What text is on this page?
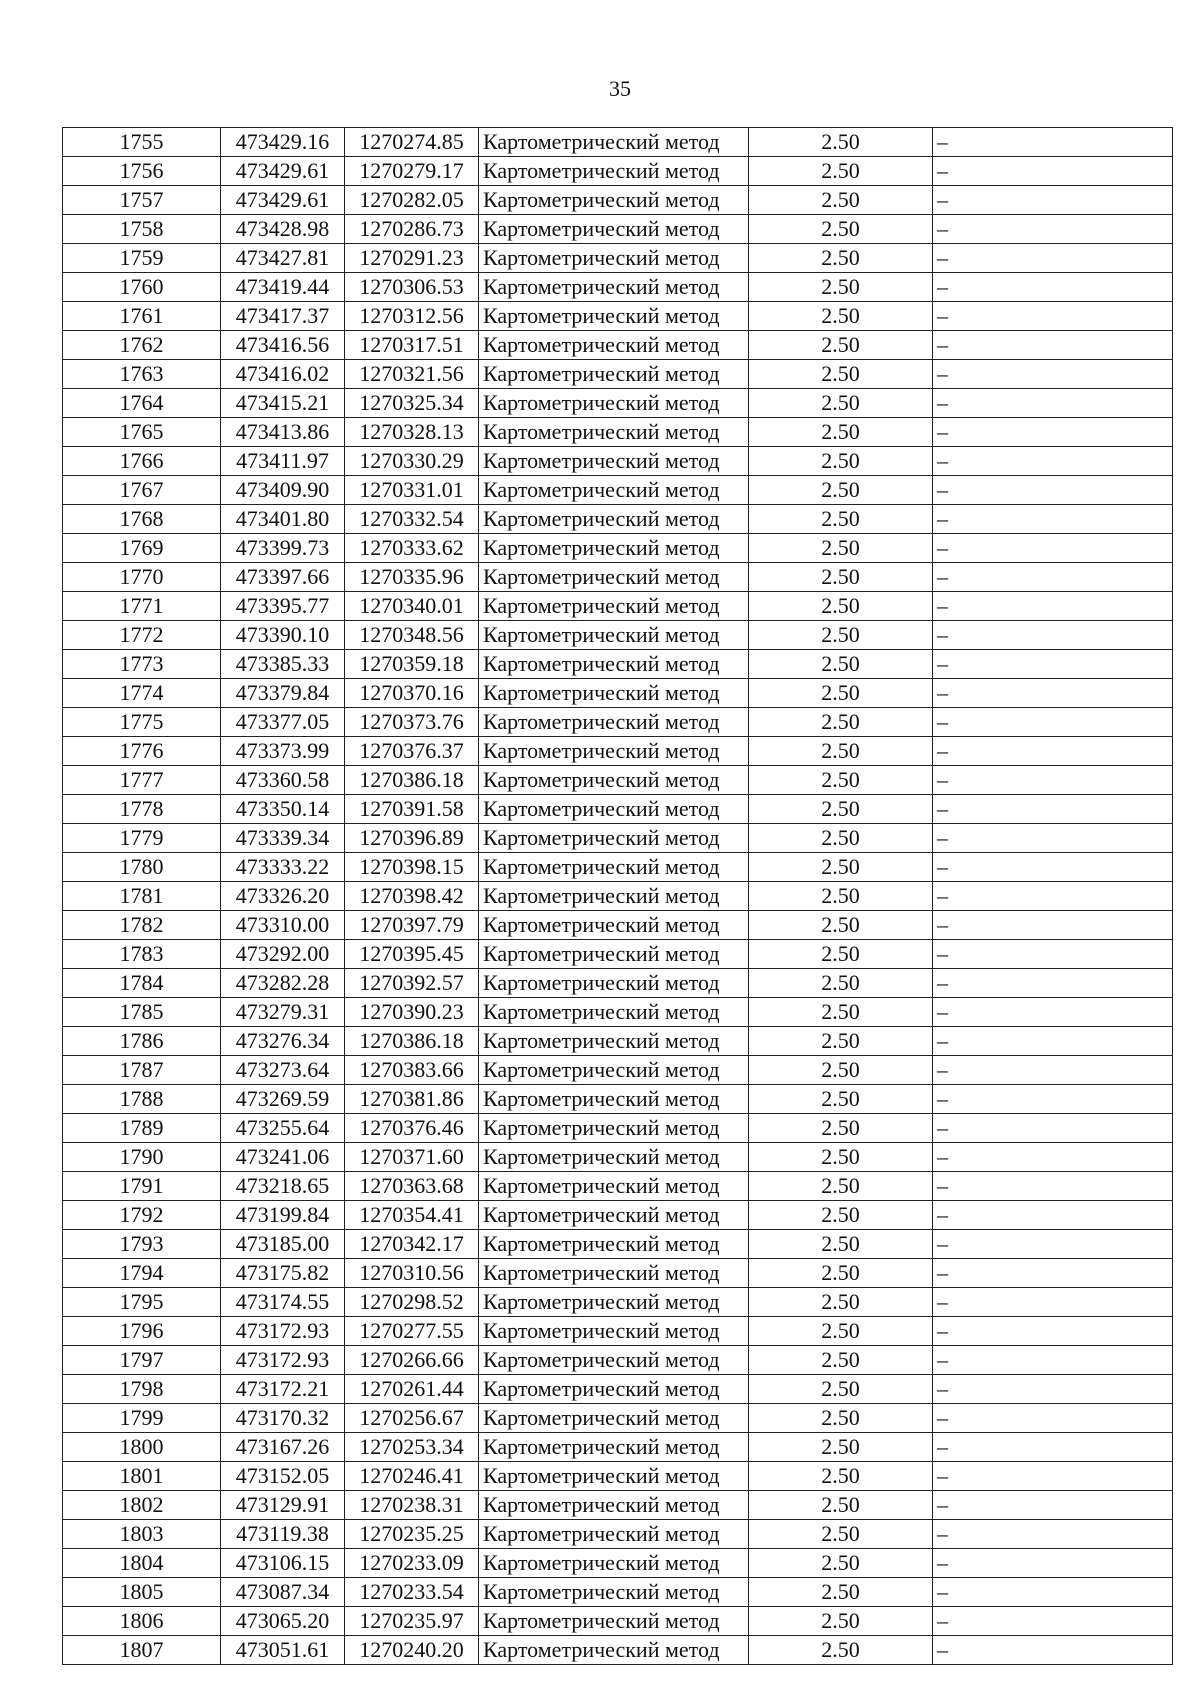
35
1755	473429.16	1270274.85	Картометрический метод	2.50	–
1756	473429.61	1270279.17	Картометрический метод	2.50	–
1757	473429.61	1270282.05	Картометрический метод	2.50	–
1758	473428.98	1270286.73	Картометрический метод	2.50	–
1759	473427.81	1270291.23	Картометрический метод	2.50	–
1760	473419.44	1270306.53	Картометрический метод	2.50	–
1761	473417.37	1270312.56	Картометрический метод	2.50	–
1762	473416.56	1270317.51	Картометрический метод	2.50	–
1763	473416.02	1270321.56	Картометрический метод	2.50	–
1764	473415.21	1270325.34	Картометрический метод	2.50	–
1765	473413.86	1270328.13	Картометрический метод	2.50	–
1766	473411.97	1270330.29	Картометрический метод	2.50	–
1767	473409.90	1270331.01	Картометрический метод	2.50	–
1768	473401.80	1270332.54	Картометрический метод	2.50	–
1769	473399.73	1270333.62	Картометрический метод	2.50	–
1770	473397.66	1270335.96	Картометрический метод	2.50	–
1771	473395.77	1270340.01	Картометрический метод	2.50	–
1772	473390.10	1270348.56	Картометрический метод	2.50	–
1773	473385.33	1270359.18	Картометрический метод	2.50	–
1774	473379.84	1270370.16	Картометрический метод	2.50	–
1775	473377.05	1270373.76	Картометрический метод	2.50	–
1776	473373.99	1270376.37	Картометрический метод	2.50	–
1777	473360.58	1270386.18	Картометрический метод	2.50	–
1778	473350.14	1270391.58	Картометрический метод	2.50	–
1779	473339.34	1270396.89	Картометрический метод	2.50	–
1780	473333.22	1270398.15	Картометрический метод	2.50	–
1781	473326.20	1270398.42	Картометрический метод	2.50	–
1782	473310.00	1270397.79	Картометрический метод	2.50	–
1783	473292.00	1270395.45	Картометрический метод	2.50	–
1784	473282.28	1270392.57	Картометрический метод	2.50	–
1785	473279.31	1270390.23	Картометрический метод	2.50	–
1786	473276.34	1270386.18	Картометрический метод	2.50	–
1787	473273.64	1270383.66	Картометрический метод	2.50	–
1788	473269.59	1270381.86	Картометрический метод	2.50	–
1789	473255.64	1270376.46	Картометрический метод	2.50	–
1790	473241.06	1270371.60	Картометрический метод	2.50	–
1791	473218.65	1270363.68	Картометрический метод	2.50	–
1792	473199.84	1270354.41	Картометрический метод	2.50	–
1793	473185.00	1270342.17	Картометрический метод	2.50	–
1794	473175.82	1270310.56	Картометрический метод	2.50	–
1795	473174.55	1270298.52	Картометрический метод	2.50	–
1796	473172.93	1270277.55	Картометрический метод	2.50	–
1797	473172.93	1270266.66	Картометрический метод	2.50	–
1798	473172.21	1270261.44	Картометрический метод	2.50	–
1799	473170.32	1270256.67	Картометрический метод	2.50	–
1800	473167.26	1270253.34	Картометрический метод	2.50	–
1801	473152.05	1270246.41	Картометрический метод	2.50	–
1802	473129.91	1270238.31	Картометрический метод	2.50	–
1803	473119.38	1270235.25	Картометрический метод	2.50	–
1804	473106.15	1270233.09	Картометрический метод	2.50	–
1805	473087.34	1270233.54	Картометрический метод	2.50	–
1806	473065.20	1270235.97	Картометрический метод	2.50	–
1807	473051.61	1270240.20	Картометрический метод	2.50	–
